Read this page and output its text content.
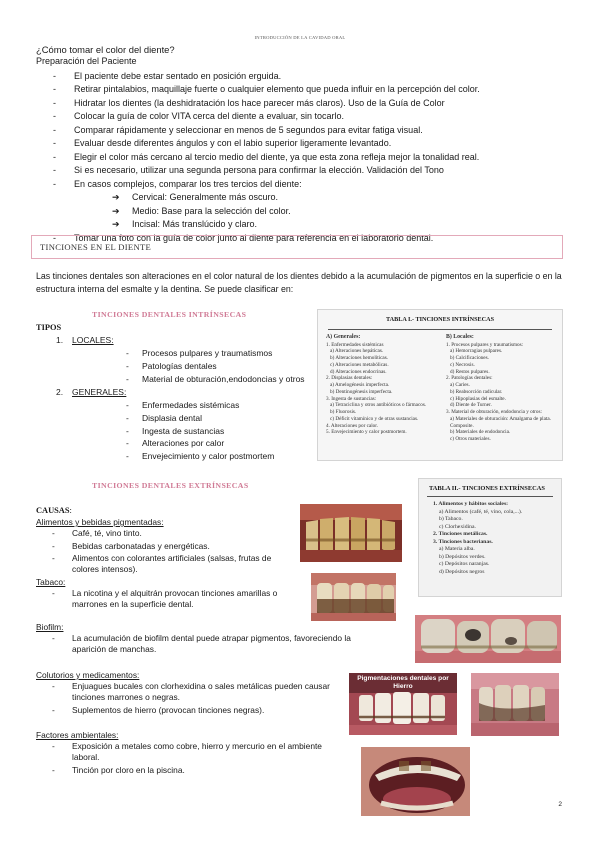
INTRODUCCIÓN DE LA CAVIDAD ORAL
¿Cómo tomar el color del diente?
Preparación del Paciente
- El paciente debe estar sentado en posición erguida.
- Retirar pintalabios, maquillaje fuerte o cualquier elemento que pueda influir en la percepción del color.
- Hidratar los dientes (la deshidratación los hace parecer más claros). Uso de la Guía de Color
- Colocar la guía de color VITA cerca del diente a evaluar, sin tocarlo.
- Comparar rápidamente y seleccionar en menos de 5 segundos para evitar fatiga visual.
- Evaluar desde diferentes ángulos y con el labio superior ligeramente levantado.
- Elegir el color más cercano al tercio medio del diente, ya que esta zona refleja mejor la tonalidad real.
- Si es necesario, utilizar una segunda persona para confirmar la elección. Validación del Tono
- En casos complejos, comparar los tres tercios del diente:
➔ Cervical: Generalmente más oscuro.
➔ Medio: Base para la selección del color.
➔ Incisal: Más translúcido y claro.
- Tomar una foto con la guía de color junto al diente para referencia en el laboratorio dental.
TINCIONES EN EL DIENTE
Las tinciones dentales son alteraciones en el color natural de los dientes debido a la acumulación de pigmentos en la superficie o en la estructura interna del esmalte y la dentina. Se puede clasificar en:
TINCIONES DENTALES INTRÍNSECAS
TIPOS
1. LOCALES:
- Procesos pulpares y traumatismos
- Patologías dentales
- Material de obturación,endodoncias y otros
2. GENERALES:
- Enfermedades sistémicas
- Displasia dental
- Ingesta de sustancias
- Alteraciones por calor
- Envejecimiento y calor postmortem
TABLA I.- TINCIONES INTRÍNSECAS
A) Generales:
1. Enfermedades sistémicas
a) Alteraciones hepáticas.
b) Alteraciones hemolíticas.
c) Alteraciones metabólicas.
d) Alteraciones endocrinas.
2. Displasias dentales:
a) Amelogénesis imperfecta.
b) Dentinogénesis imperfecta.
3. Ingesta de sustancias:
a) Tetraciclina y otros antibióticos o fármacos.
b) Fluorosis.
c) Déficit vitamínico y de otras sustancias.
4. Alteraciones por calor.
5. Envejecimiento y calor postmortem.
B) Locales:
1. Procesos pulpares y traumatismos:
a) Hemorragias pulpares.
b) Calcificaciones.
c) Necrosis.
d) Restos pulpares.
2. Patologías dentales:
a) Caries.
b) Reabsorción radicular.
c) Hipoplasias del esmalte.
d) Diente de Turner.
3. Material de obturación, endodoncia y otros:
a) Materiales de obturación: Amalgama de plata. Composite.
b) Materiales de endodoncia.
c) Otros materiales.
TINCIONES DENTALES EXTRÍNSECAS
CAUSAS:
Alimentos y bebidas pigmentadas:
- Café, té, vino tinto.
- Bebidas carbonatadas y energéticas.
- Alimentos con colorantes artificiales (salsas, frutas de colores intensos).
Tabaco:
- La nicotina y el alquitrán provocan tinciones amarillas o marrones en la superficie dental.
Biofilm:
- La acumulación de biofilm dental puede atrapar pigmentos, favoreciendo la aparición de manchas.
Colutorios y medicamentos:
- Enjuagues bucales con clorhexidina o sales metálicas pueden causar tinciones marrones o negras.
- Suplementos de hierro (provocan tinciones negras).
Factores ambientales:
- Exposición a metales como cobre, hierro y mercurio en el ambiente laboral.
- Tinción por cloro en la piscina.
TABLA II.- TINCIONES EXTRÍNSECAS
1. Alimentos y hábitos sociales:
a) Alimentos (café, té, vino, cola,...).
b) Tabaco.
c) Clorhexidina.
2. Tinciones metálicas.
3. Tinciones bacterianas.
a) Materia alba.
b) Depósitos verdes.
c) Depósitos naranjas.
d) Depósitos negros
Pigmentaciones dentales por Hierro
2
